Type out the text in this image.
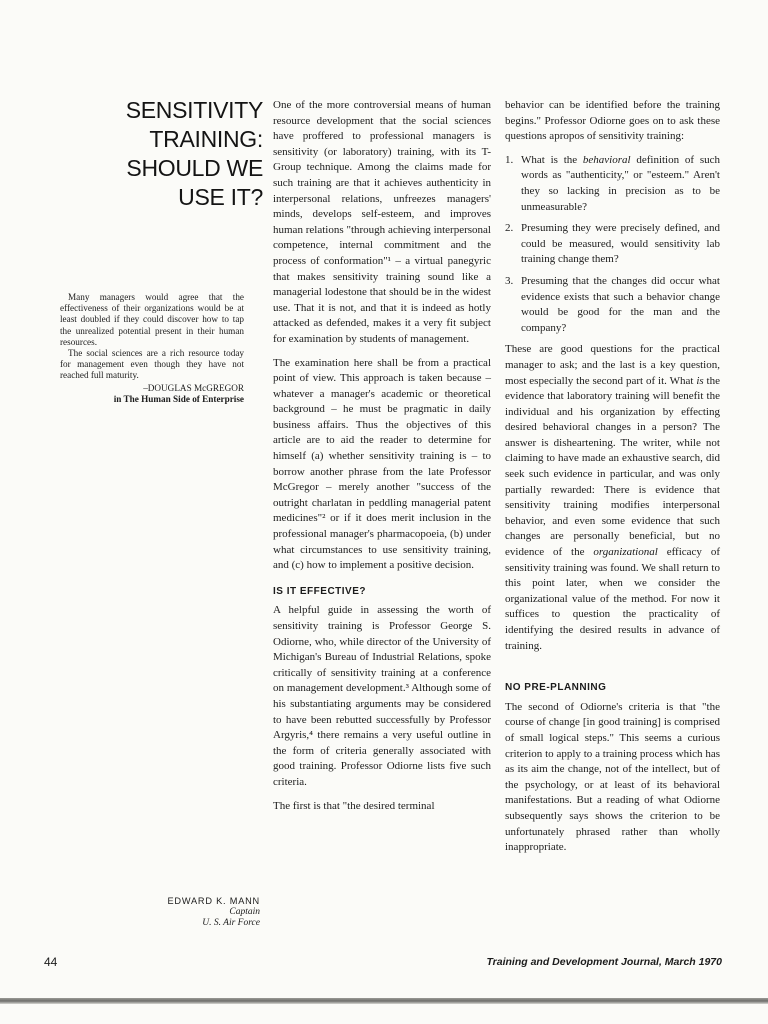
SENSITIVITY
TRAINING:
SHOULD WE
USE IT?

Many managers would agree that the effectiveness of their organizations would be at least doubled if they could discover how to tap the unrealized potential present in their human resources.

The social sciences are a rich resource today for management even though they have not reached full maturity.

–DOUGLAS McGREGOR

in The Human Side of Enterprise

EDWARD K. MANN
Captain
U. S. Air Force

One of the more controversial means of human resource development that the social sciences have proffered to professional managers is sensitivity (or laboratory) training, with its T-Group technique. Among the claims made for such training are that it achieves authenticity in interpersonal relations, unfreezes managers' minds, develops self-esteem, and improves human relations "through achieving interpersonal competence, internal commitment and the process of conformation"¹ – a virtual panegyric that makes sensitivity training sound like a managerial lodestone that should be in the widest use. That it is not, and that it is indeed as hotly attacked as defended, makes it a very fit subject for examination by students of management.

The examination here shall be from a practical point of view. This approach is taken because – whatever a manager's academic or theoretical background – he must be pragmatic in daily business affairs. Thus the objectives of this article are to aid the reader to determine for himself (a) whether sensitivity training is – to borrow another phrase from the late Professor McGregor – merely another "success of the outright charlatan in peddling managerial patent medicines"² or if it does merit inclusion in the professional manager's pharmacopoeia, (b) under what circumstances to use sensitivity training, and (c) how to implement a positive decision.

IS IT EFFECTIVE?

A helpful guide in assessing the worth of sensitivity training is Professor George S. Odiorne, who, while director of the University of Michigan's Bureau of Industrial Relations, spoke critically of sensitivity training at a conference on management development.³ Although some of his substantiating arguments may be considered to have been rebutted successfully by Professor Argyris,⁴ there remains a very useful outline in the form of criteria generally associated with good training. Professor Odiorne lists five such criteria.

The first is that "the desired terminal

behavior can be identified before the training begins." Professor Odiorne goes on to ask these questions apropos of sensitivity training:

1. What is the behavioral definition of such words as "authenticity," or "esteem." Aren't they so lacking in precision as to be unmeasurable?
2. Presuming they were precisely defined, and could be measured, would sensitivity lab training change them?
3. Presuming that the changes did occur what evidence exists that such a behavior change would be good for the man and the company?

These are good questions for the practical manager to ask; and the last is a key question, most especially the second part of it. What is the evidence that laboratory training will benefit the individual and his organization by effecting desired behavioral changes in a person? The answer is disheartening. The writer, while not claiming to have made an exhaustive search, did seek such evidence in particular, and was only partially rewarded: There is evidence that sensitivity training modifies interpersonal behavior, and even some evidence that such changes are personally beneficial, but no evidence of the organizational efficacy of sensitivity training was found. We shall return to this point later, when we consider the organizational value of the method. For now it suffices to question the practicality of identifying the desired results in advance of training.

NO PRE-PLANNING

The second of Odiorne's criteria is that "the course of change [in good training] is comprised of small logical steps." This seems a curious criterion to apply to a training process which has as its aim the change, not of the intellect, but of the psychology, or at least of its behavioral manifestations. But a reading of what Odiorne subsequently says shows the criterion to be unfortunately phrased rather than wholly inappropriate.

44	Training and Development Journal, March 1970
